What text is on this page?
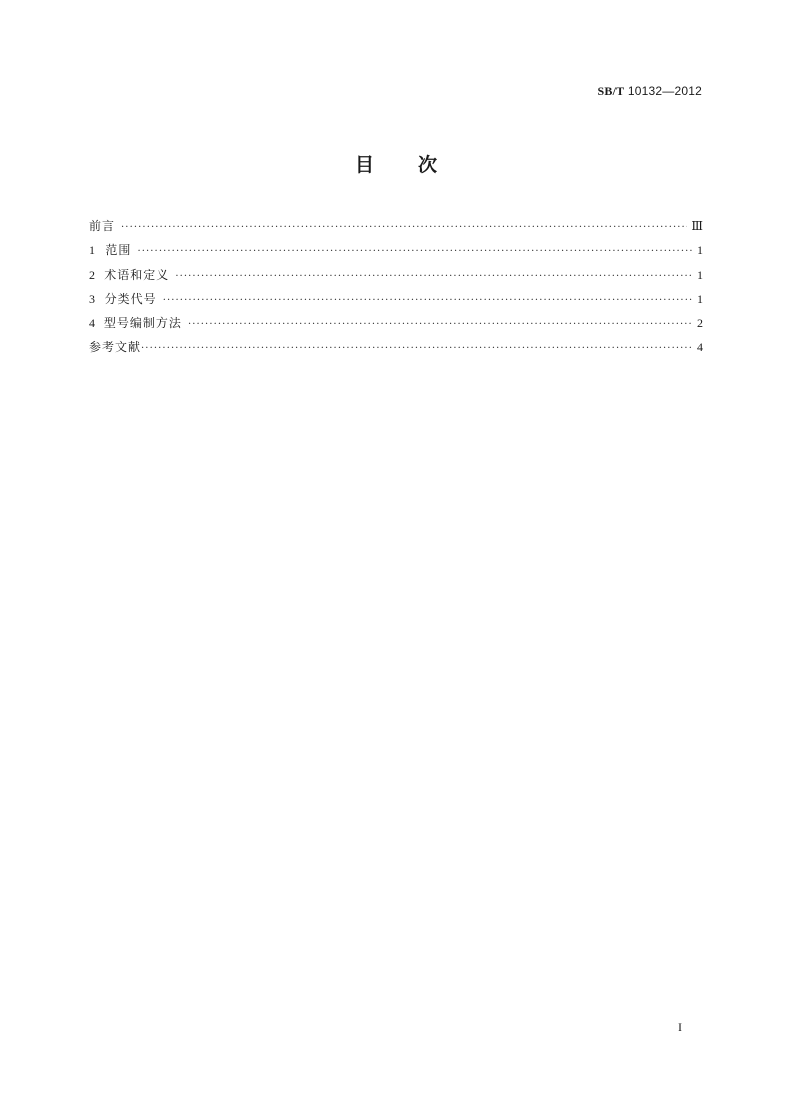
SB/T 10132—2012
目次
前言 ·····	Ⅲ
1 范围 ·····	1
2 术语和定义 ·····	1
3 分类代号 ·····	1
4 型号编制方法 ·····	2
参考文献 ·····	4
I
